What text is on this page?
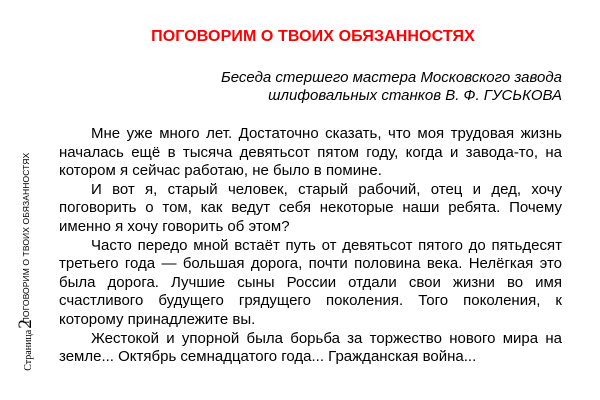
ПОГОВОРИМ О ТВОИХ ОБЯЗАННОСТЯХ
Страница
2
ПОГОВОРИМ О ТВОИХ ОБЯЗАННОСТЯХ
Беседа стершего мастера Московского завода
шлифовальных станков В. Ф. ГУСЬКОВА

Мне уже много лет. Достаточно сказать, что моя трудовая жизнь началась ещё в тысяча девятьсот пятом году, когда и завода-то, на котором я сейчас работаю, не было в помине.

И вот я, старый человек, старый рабочий, отец и дед, хочу поговорить о том, как ведут себя некоторые наши ребята. Почему именно я хочу говорить об этом?

Часто передо мной встаёт путь от девятьсот пятого до пятьдесят третьего года — большая дорога, почти половина века. Нелёгкая это была дорога. Лучшие сыны России отдали свои жизни во имя счастливого будущего грядущего поколения. Того поколения, к которому принадлежите вы.

Жестокой и упорной была борьба за торжество нового мира на земле... Октябрь семнадцатого года... Гражданская война...
